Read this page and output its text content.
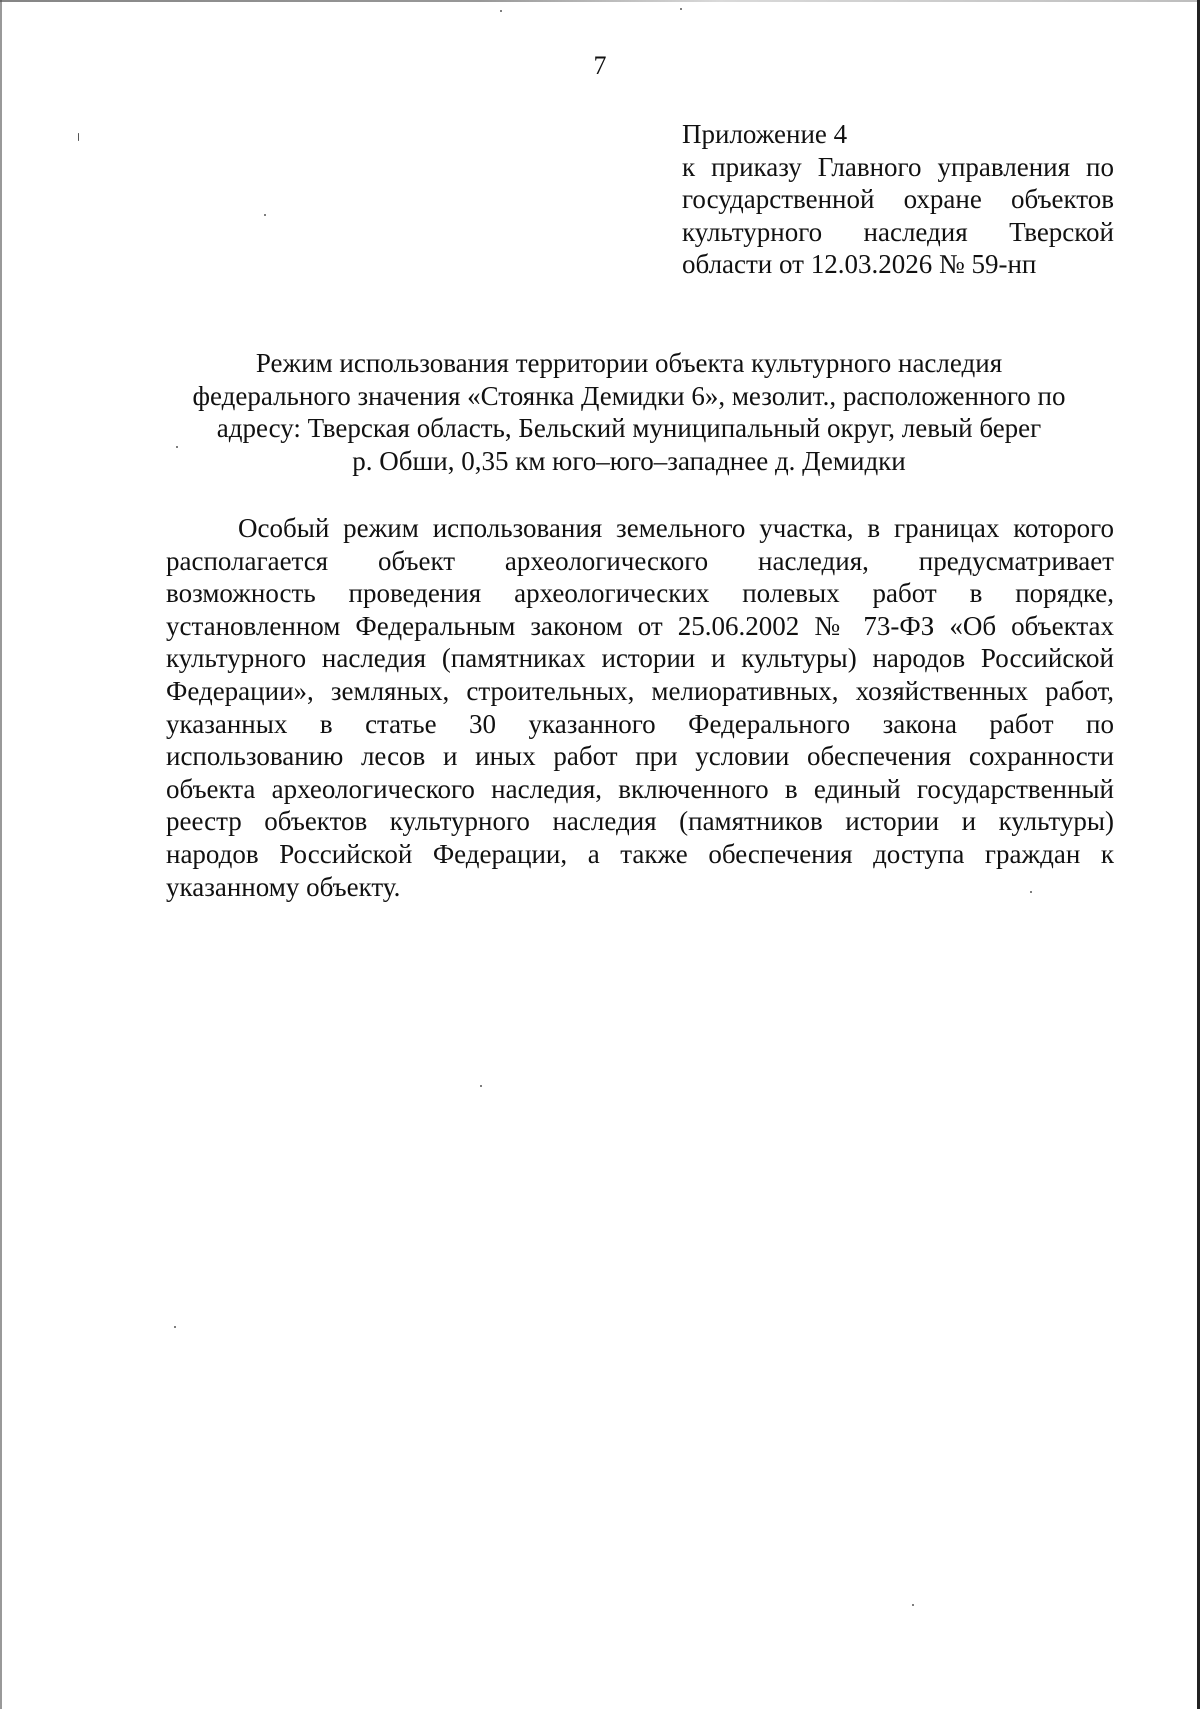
7
Приложение 4
к приказу Главного управления по
государственной охране объектов
культурного наследия Тверской
области от 12.03.2026 № 59-нп
Режим использования территории объекта культурного наследия
федерального значения «Стоянка Демидки 6», мезолит., расположенного по
адресу: Тверская область, Бельский муниципальный округ, левый берег
р. Обши, 0,35 км юго–юго–западнее д. Демидки
Особый режим использования земельного участка, в границах которого
располагается объект археологического наследия, предусматривает
возможность проведения археологических полевых работ в порядке,
установленном Федеральным законом от 25.06.2002 № 73-ФЗ «Об объектах
культурного наследия (памятниках истории и культуры) народов Российской
Федерации», земляных, строительных, мелиоративных, хозяйственных работ,
указанных в статье 30 указанного Федерального закона работ по
использованию лесов и иных работ при условии обеспечения сохранности
объекта археологического наследия, включенного в единый государственный
реестр объектов культурного наследия (памятников истории и культуры)
народов Российской Федерации, а также обеспечения доступа граждан к
указанному объекту.
